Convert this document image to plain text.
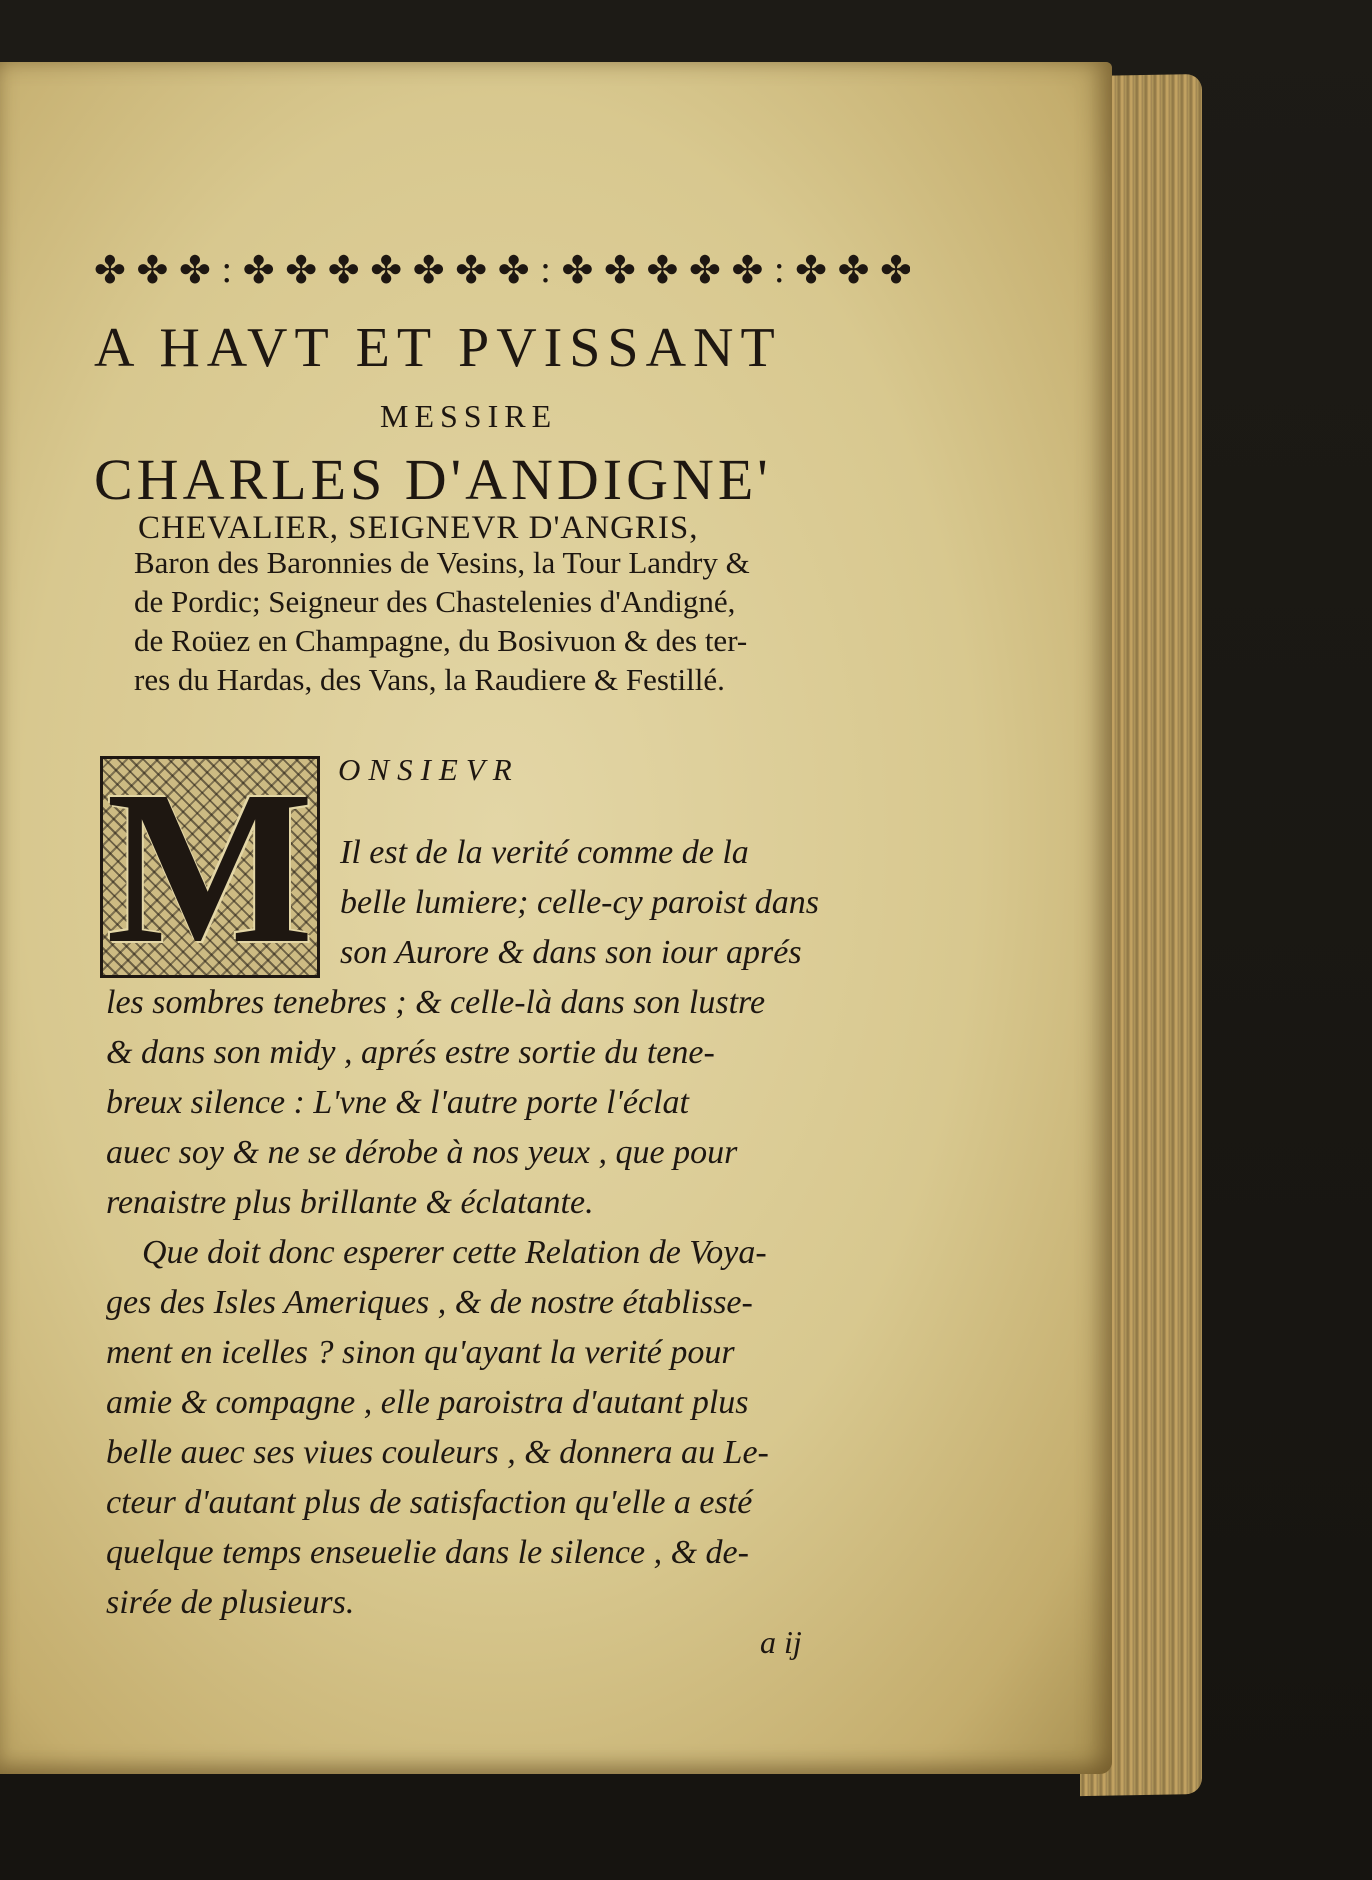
✤ ✤ ✤ : ✤ ✤ ✤ ✤ ✤ ✤ ✤ : ✤ ✤ ✤ ✤ ✤ : ✤ ✤ ✤
A HAVT ET PVISSANT
MESSIRE
CHARLES D'ANDIGNE'
CHEVALIER, SEIGNEVR D'ANGRIS,
Baron des Baronnies de Vesins, la Tour Landry &
de Pordic; Seigneur des Chastelenies d'Andigné,
de Roüez en Champagne, du Bosivuon & des ter-
res du Hardas, des Vans, la Raudiere & Festillé.
M ONSIEVR
Il est de la verité comme de la
belle lumiere; celle-cy paroist dans
son Aurore & dans son iour aprés
les sombres tenebres ; & celle-là dans son lustre
& dans son midy , aprés estre sortie du tene-
breux silence : L'vne & l'autre porte l'éclat
auec soy & ne se dérobe à nos yeux , que pour
renaistre plus brillante & éclatante.
Que doit donc esperer cette Relation de Voya-
ges des Isles Ameriques , & de nostre établisse-
ment en icelles ? sinon qu'ayant la verité pour
amie & compagne , elle paroistra d'autant plus
belle auec ses viues couleurs , & donnera au Le-
cteur d'autant plus de satisfaction qu'elle a esté
quelque temps enseuelie dans le silence , & de-
sirée de plusieurs.
a ij
